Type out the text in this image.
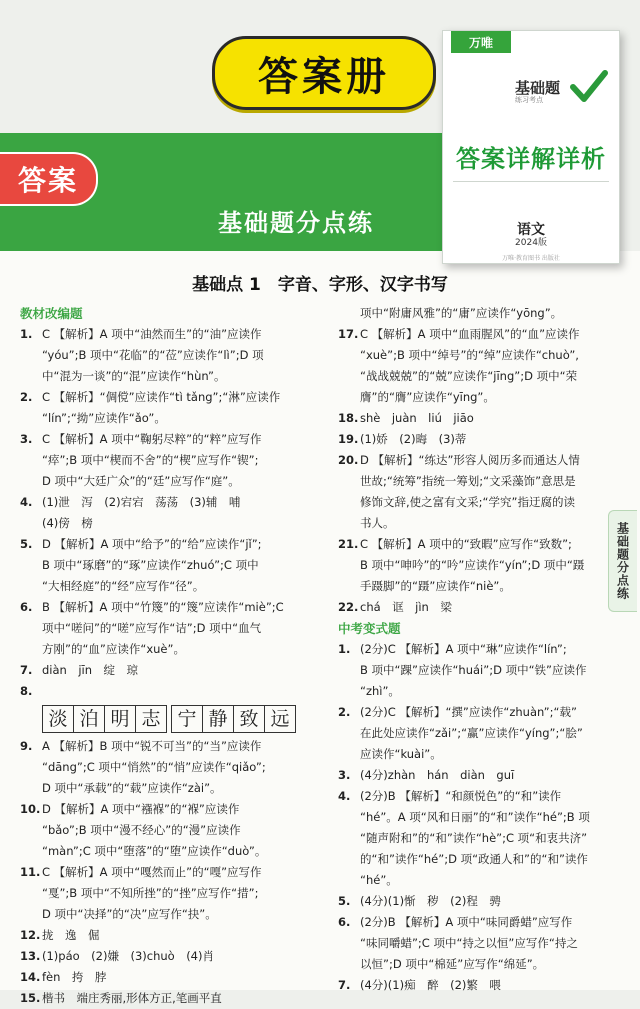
基础题分点练
答案
答案册
万唯
基础题
练习考点
答案详解详析
语文
2024版
万唯·教育图书 出版社
基础点 1　字音、字形、汉字书写
基础题分点练
教材改编题
1. C 【解析】A 项中“油然而生”的“油”应读作
“yóu”;B 项中“花临”的“莅”应读作“lì”;D 项
中“混为一谈”的“混”应读作“hùn”。
2. C 【解析】“倜傥”应读作“tì tǎng”;“淋”应读作
“lín”;“拗”应读作“ǎo”。
3. C 【解析】A 项中“鞠躬尽粹”的“粹”应写作
“瘁”;B 项中“楔而不舍”的“楔”应写作“锲”;
D 项中“大廷广众”的“廷”应写作“庭”。
4. (1)泄　泻　(2)宕宕　荡荡　(3)辅　哺
(4)傍　榜
5. D 【解析】A 项中“给予”的“给”应读作“jǐ”;
B 项中“琢磨”的“琢”应读作“zhuó”;C 项中
“大相经庭”的“经”应写作“径”。
6. B 【解析】A 项中“竹篾”的“篾”应读作“miè”;C
项中“嗟问”的“嗟”应写作“诘”;D 项中“血气
方刚”的“血”应读作“xuè”。
7. diàn　jīn　绽　琼
8.
淡 泊 明 志 宁 静 致 远
9. A 【解析】B 项中“锐不可当”的“当”应读作
“dāng”;C 项中“悄然”的“悄”应读作“qiǎo”;
D 项中“承载”的“载”应读作“zài”。
10. D 【解析】A 项中“襁褓”的“褓”应读作
“bǎo”;B 项中“漫不经心”的“漫”应读作
“màn”;C 项中“堕落”的“堕”应读作“duò”。
11. C 【解析】A 项中“嘎然而止”的“嘎”应写作
“戛”;B 项中“不知所挫”的“挫”应写作“措”;
D 项中“决择”的“决”应写作“抉”。
12. 拢　逸　倔
13. (1)páo　(2)嫌　(3)chuò　(4)肖
14. fèn　挎　脖
15. 楷书　端庄秀丽,形体方正,笔画平直
项中“附庸风雅”的“庸”应读作“yōng”。
17. C 【解析】A 项中“血雨腥风”的“血”应读作
“xuè”;B 项中“绰号”的“绰”应读作“chuò”,
“战战兢兢”的“兢”应读作“jīng”;D 项中“荣
膺”的“膺”应读作“yīng”。
18. shè　juàn　liú　jiāo
19. (1)娇　(2)晦　(3)蒂
20. D 【解析】“练达”形容人阅历多而通达人情
世故;“统筹”指统一筹划;“文采藻饰”意思是
修饰文辞,使之富有文采;“学究”指迂腐的读
书人。
21. C 【解析】A 项中的“致暇”应写作“致数”;
B 项中“呻吟”的“吟”应读作“yín”;D 项中“蹑
手蹑脚”的“蹑”应读作“niè”。
22. chá　诓　jìn　梁
中考变式题
1. (2分)C 【解析】A 项中“琳”应读作“lín”;
B 项中“踝”应读作“huái”;D 项中“铁”应读作
“zhì”。
2. (2分)C 【解析】“撰”应读作“zhuàn”;“载”
在此处应读作“zǎi”;“赢”应读作“yíng”;“脍”
应读作“kuài”。
3. (4分)zhàn　hán　diàn　guī
4. (2分)B 【解析】“和颜悦色”的“和”读作
“hé”。A 项“风和日丽”的“和”读作“hé”;B 项
“随声附和”的“和”读作“hè”;C 项“和衷共济”
的“和”读作“hé”;D 项“政通人和”的“和”读作
“hé”。
5. (4分)(1)惭　秽　(2)程　骋
6. (2分)B 【解析】A 项中“味同爵蜡”应写作
“味同嚼蜡”;C 项中“持之以恒”应写作“持之
以恒”;D 项中“棉延”应写作“绵延”。
7. (4分)(1)痴　醉　(2)繁　喂
